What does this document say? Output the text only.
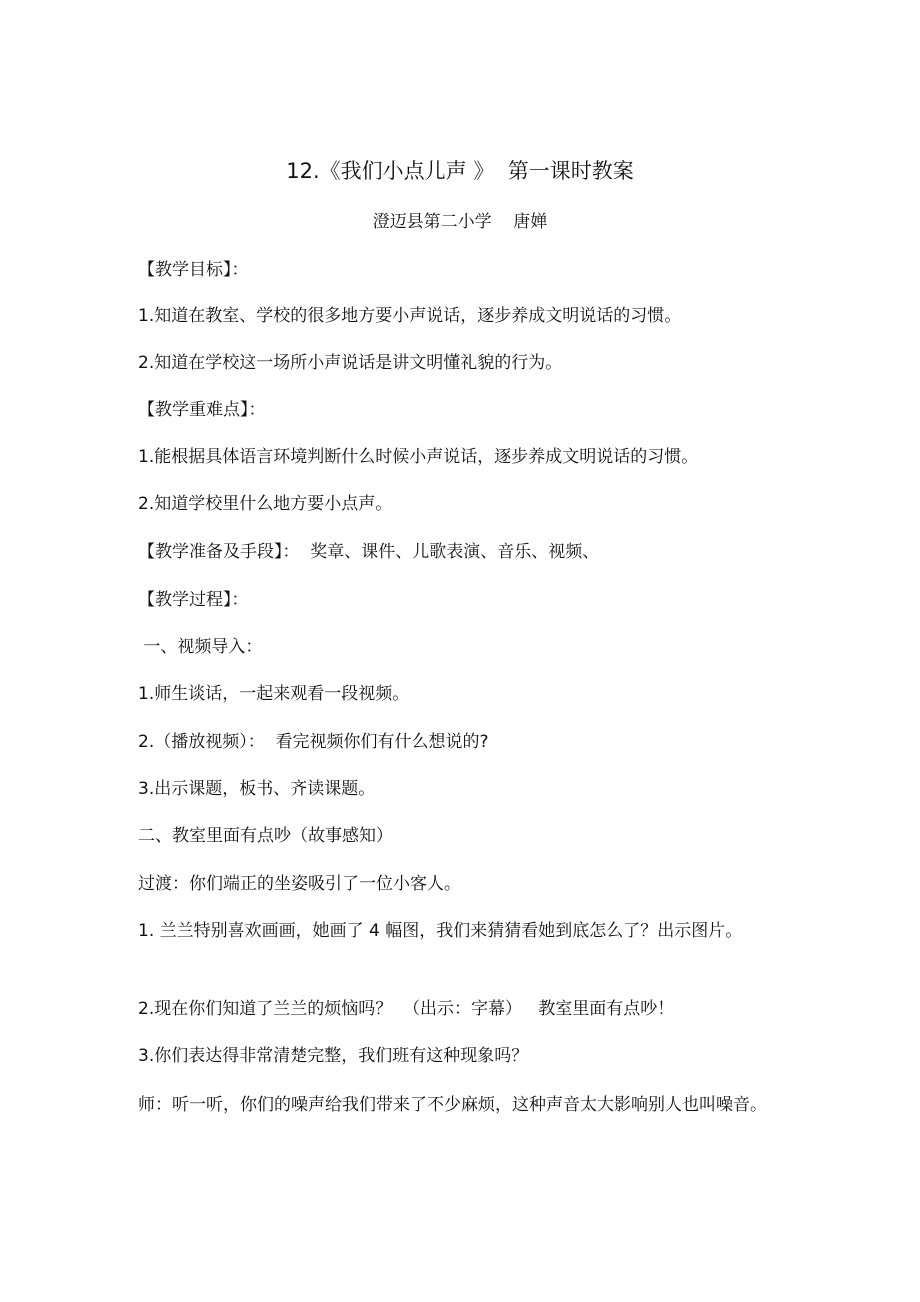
12.《我们小点儿声 》  第一课时教案
澄迈县第二小学    唐婵
【教学目标】：
1.知道在教室、学校的很多地方要小声说话，逐步养成文明说话的习惯。
2.知道在学校这一场所小声说话是讲文明懂礼貌的行为。
【教学重难点】：
1.能根据具体语言环境判断什么时候小声说话，逐步养成文明说话的习惯。
2.知道学校里什么地方要小点声。
【教学准备及手段】：  奖章、课件、儿歌表演、音乐、视频、
【教学过程】：
一、视频导入：
1.师生谈话，一起来观看一段视频。
2.（播放视频）：  看完视频你们有什么想说的?
3.出示课题，板书、齐读课题。
二、教室里面有点吵（故事感知）
过渡：你们端正的坐姿吸引了一位小客人。
1. 兰兰特别喜欢画画，她画了 4 幅图，我们来猜猜看她到底怎么了？出示图片。
2.现在你们知道了兰兰的烦恼吗？  （出示：字幕）   教室里面有点吵！
3.你们表达得非常清楚完整，我们班有这种现象吗？
师：听一听，你们的噪声给我们带来了不少麻烦，这种声音太大影响别人也叫噪音。
